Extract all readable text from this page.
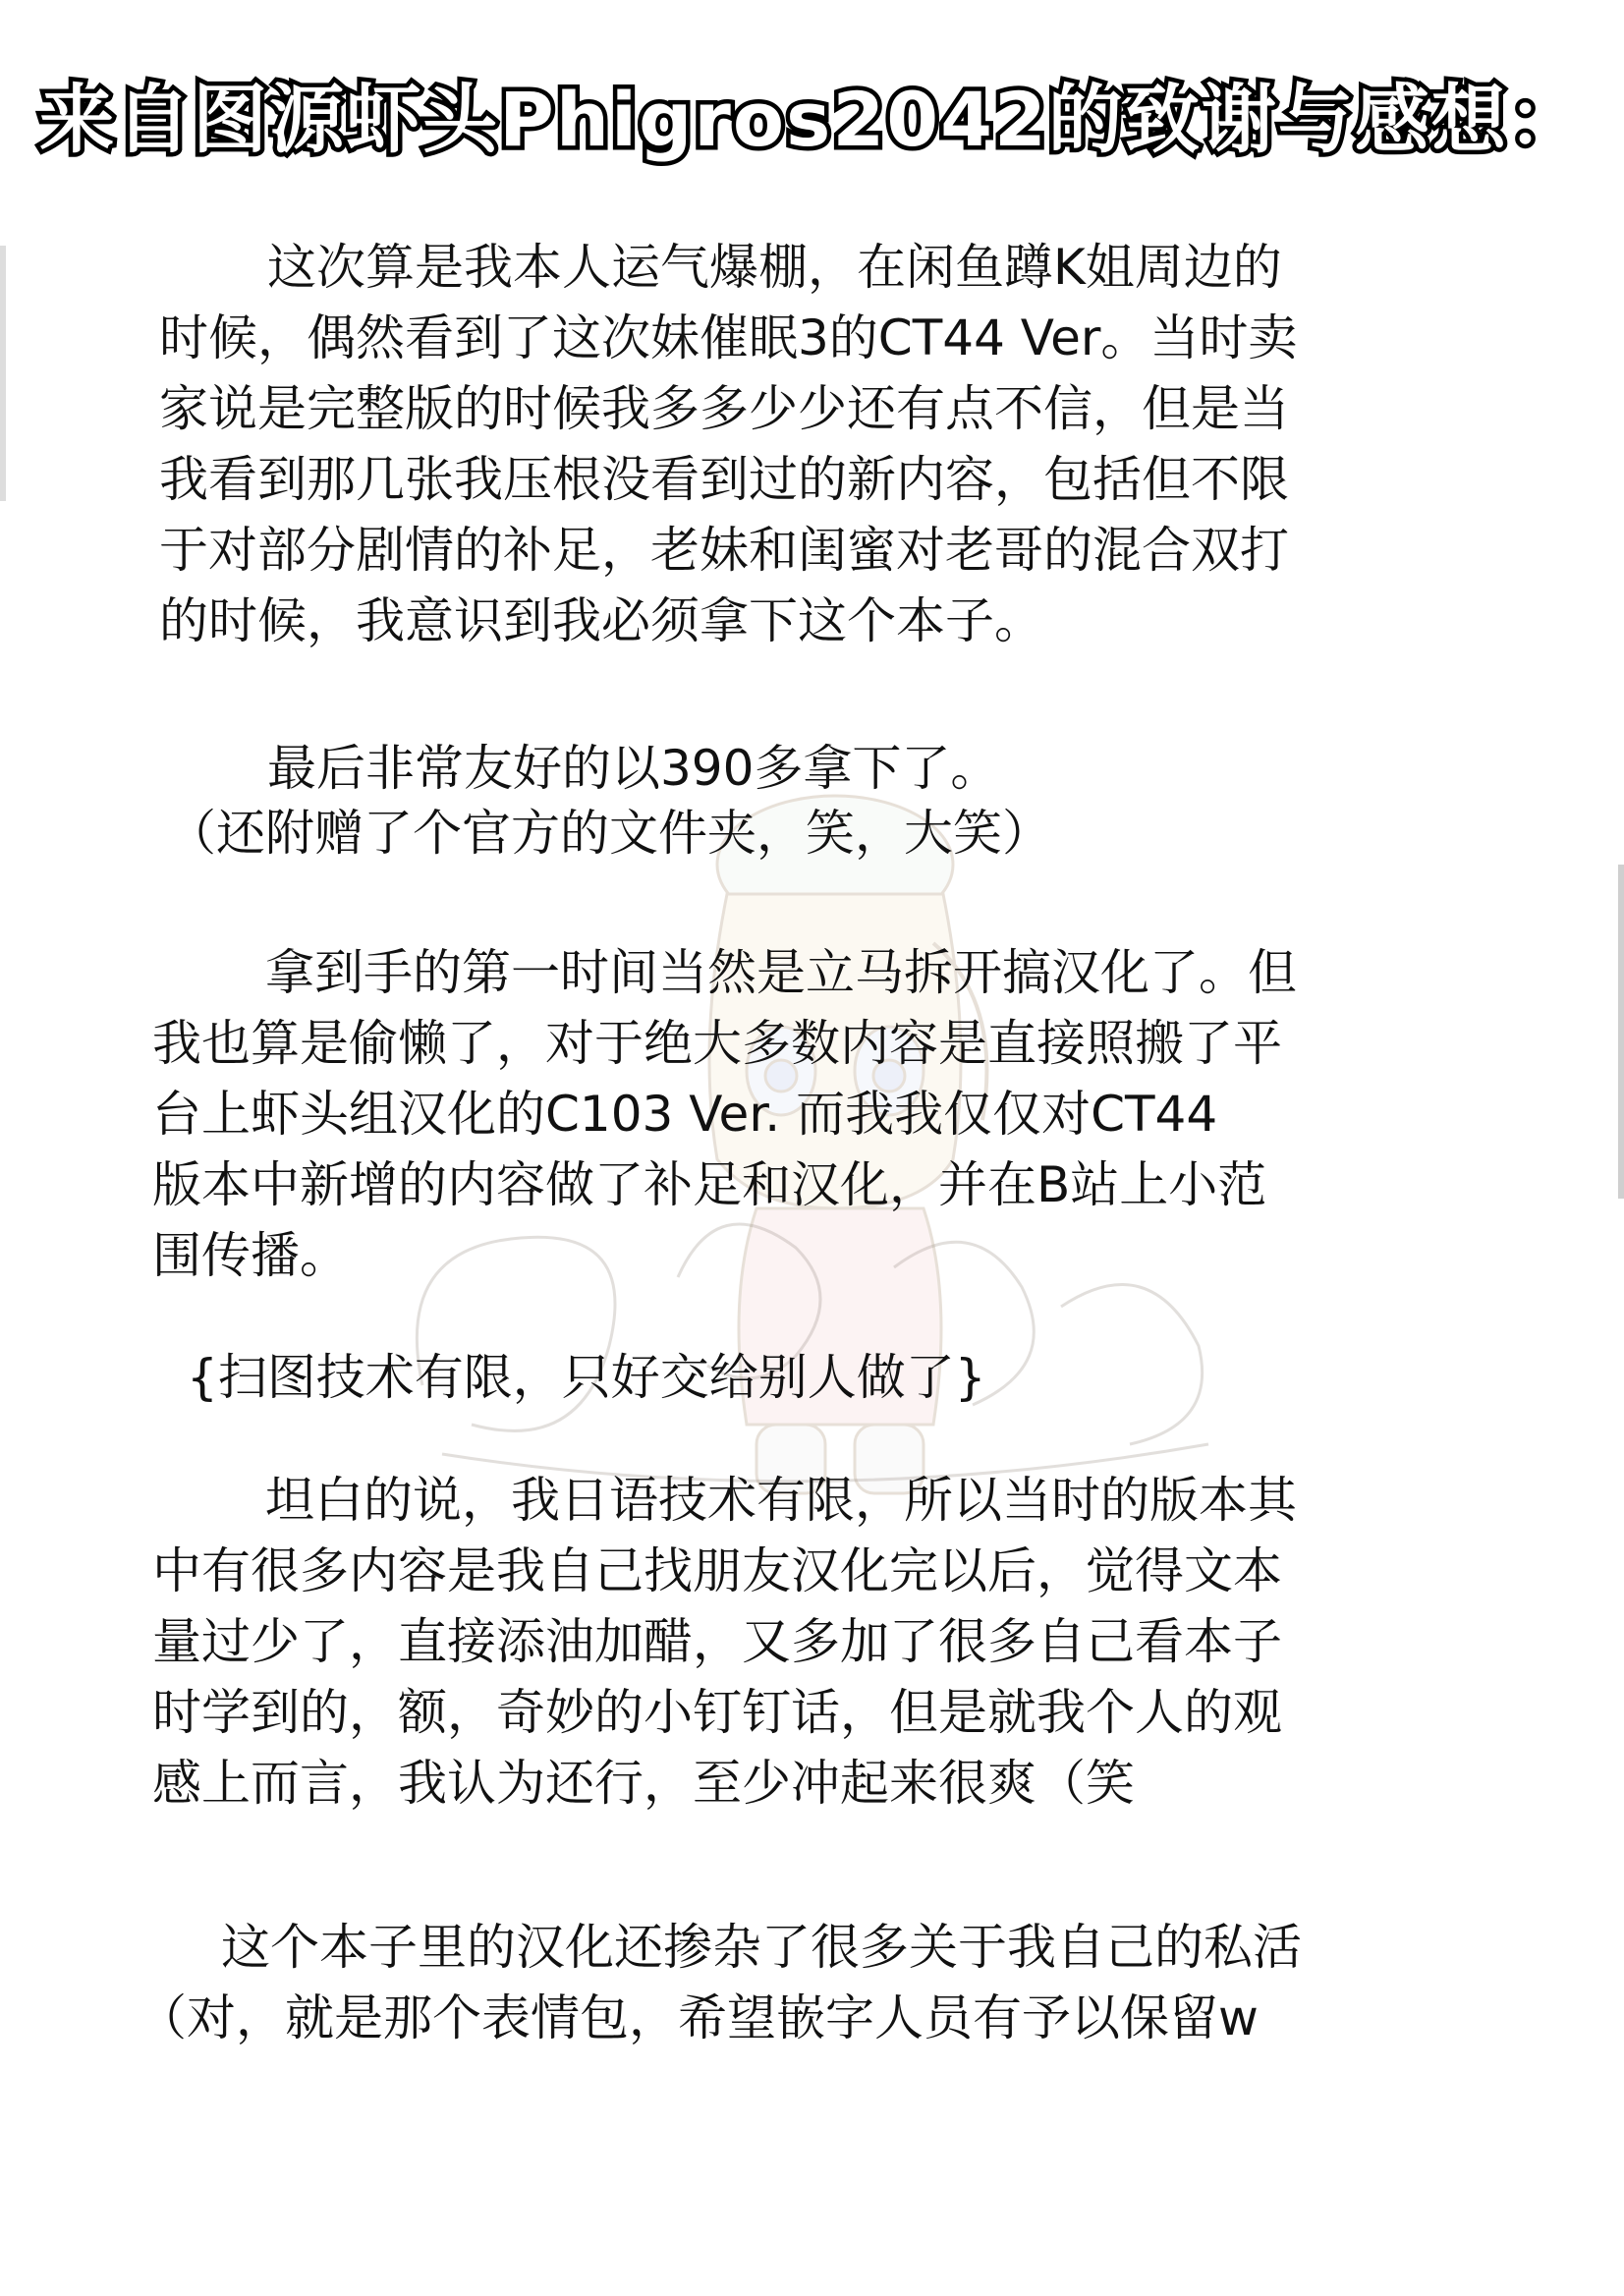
来自图源虾头Phigros2042的致谢与感想：
这次算是我本人运气爆棚，在闲鱼蹲K姐周边的
时候，偶然看到了这次妹催眠3的CT44 Ver。当时卖
家说是完整版的时候我多多少少还有点不信，但是当
我看到那几张我压根没看到过的新内容，包括但不限
于对部分剧情的补足，老妹和闺蜜对老哥的混合双打
的时候，我意识到我必须拿下这个本子。
最后非常友好的以390多拿下了。
（还附赠了个官方的文件夹，笑，大笑）
拿到手的第一时间当然是立马拆开搞汉化了。但
我也算是偷懒了，对于绝大多数内容是直接照搬了平
台上虾头组汉化的C103 Ver. 而我我仅仅对CT44
版本中新增的内容做了补足和汉化，并在B站上小范
围传播。
{扫图技术有限，只好交给别人做了}
坦白的说，我日语技术有限，所以当时的版本其
中有很多内容是我自己找朋友汉化完以后，觉得文本
量过少了，直接添油加醋，又多加了很多自己看本子
时学到的，额，奇妙的小钉钉话，但是就我个人的观
感上而言，我认为还行，至少冲起来很爽（笑
这个本子里的汉化还掺杂了很多关于我自己的私活
（对，就是那个表情包，希望嵌字人员有予以保留w
